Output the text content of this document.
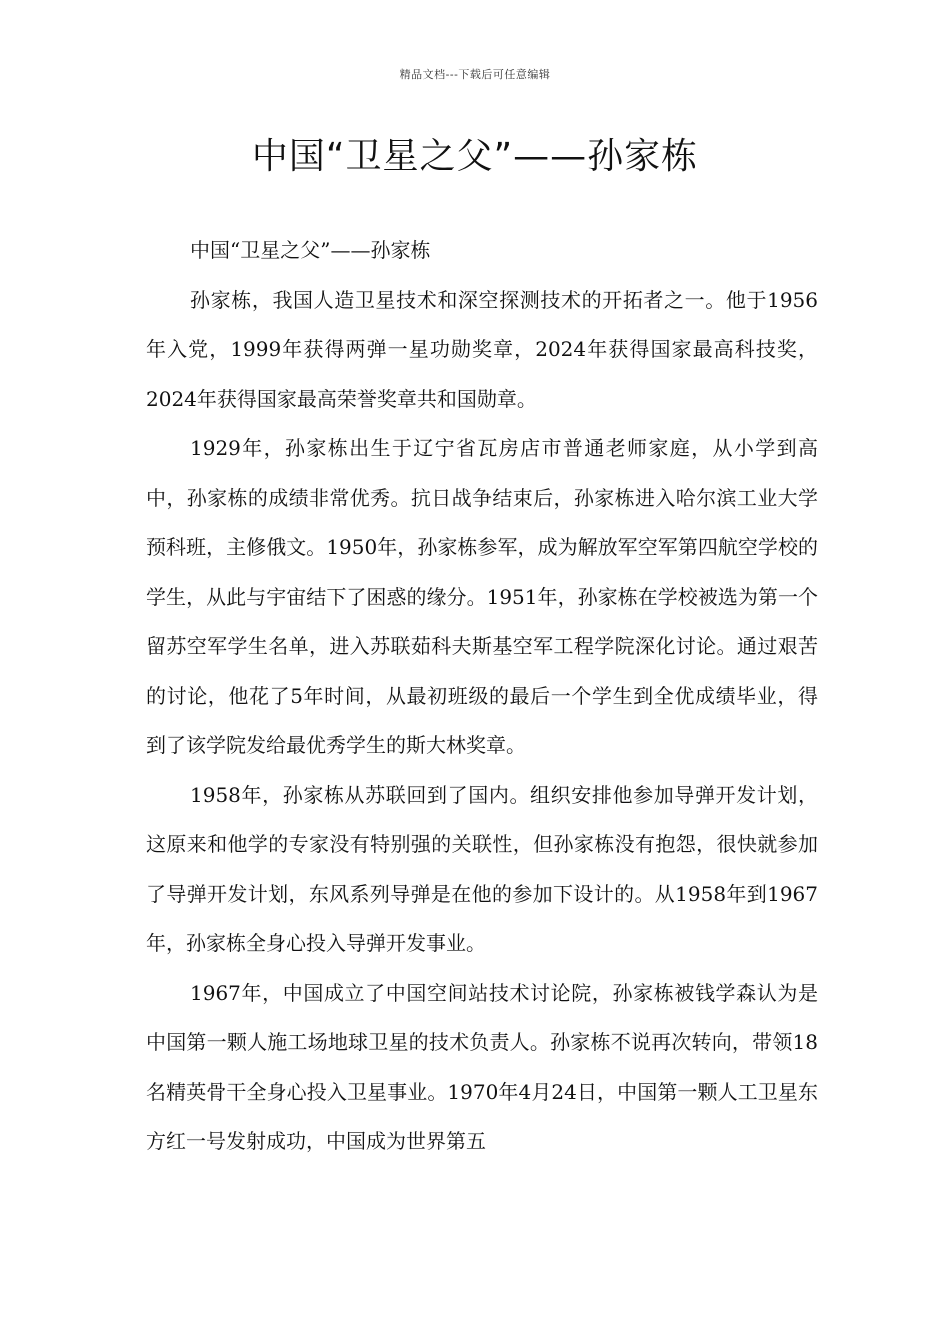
精品文档---下载后可任意编辑
中国“卫星之父”——孙家栋

中国“卫星之父”——孙家栋

孙家栋，我国人造卫星技术和深空探测技术的开拓者之一。他于1956年入党，1999年获得两弹一星功勋奖章，2024年获得国家最高科技奖，2024年获得国家最高荣誉奖章共和国勋章。

1929年，孙家栋出生于辽宁省瓦房店市普通老师家庭，从小学到高中，孙家栋的成绩非常优秀。抗日战争结束后，孙家栋进入哈尔滨工业大学预科班，主修俄文。1950年，孙家栋参军，成为解放军空军第四航空学校的学生，从此与宇宙结下了困惑的缘分。1951年，孙家栋在学校被选为第一个留苏空军学生名单，进入苏联茹科夫斯基空军工程学院深化讨论。通过艰苦的讨论，他花了5年时间，从最初班级的最后一个学生到全优成绩毕业，得到了该学院发给最优秀学生的斯大林奖章。

1958年，孙家栋从苏联回到了国内。组织安排他参加导弹开发计划，这原来和他学的专家没有特别强的关联性，但孙家栋没有抱怨，很快就参加了导弹开发计划，东风系列导弹是在他的参加下设计的。从1958年到1967年，孙家栋全身心投入导弹开发事业。

1967年，中国成立了中国空间站技术讨论院，孙家栋被钱学森认为是中国第一颗人施工场地球卫星的技术负责人。孙家栋不说再次转向，带领18名精英骨干全身心投入卫星事业。1970年4月24日，中国第一颗人工卫星东方红一号发射成功，中国成为世界第五
